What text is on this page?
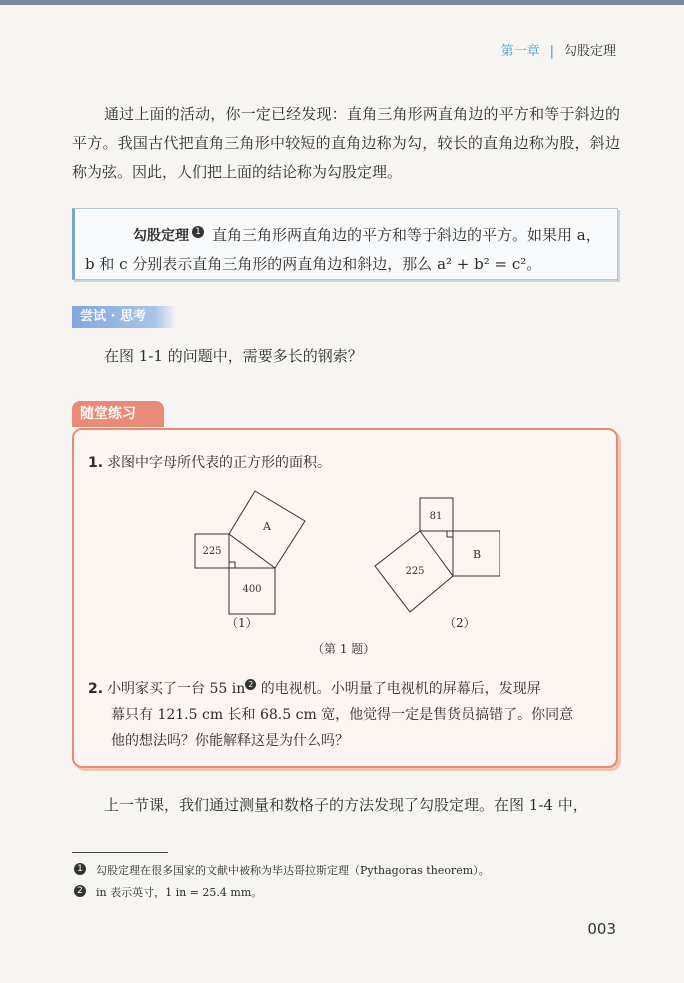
第一章 | 勾股定理
通过上面的活动，你一定已经发现：直角三角形两直角边的平方和等于斜边的平方。我国古代把直角三角形中较短的直角边称为勾，较长的直角边称为股，斜边称为弦。因此，人们把上面的结论称为勾股定理。
勾股定理 1 直角三角形两直角边的平方和等于斜边的平方。如果用 a，b 和 c 分别表示直角三角形的两直角边和斜边，那么 a² + b² = c²。
尝试 · 思考
在图 1-1 的问题中，需要多长的钢索？
随堂练习
1. 求图中字母所代表的正方形的面积。
225
400
A
81
B
225
（1）	（2）
（第 1 题）
2. 小明家买了一台 55 in 2 的电视机。小明量了电视机的屏幕后，发现屏
幕只有 121.5 cm 长和 68.5 cm 宽，他觉得一定是售货员搞错了。你同意
他的想法吗？你能解释这是为什么吗？
上一节课，我们通过测量和数格子的方法发现了勾股定理。在图 1-4 中，
1 勾股定理在很多国家的文献中被称为毕达哥拉斯定理（Pythagoras theorem）。
2 in 表示英寸，1 in = 25.4 mm。
003
